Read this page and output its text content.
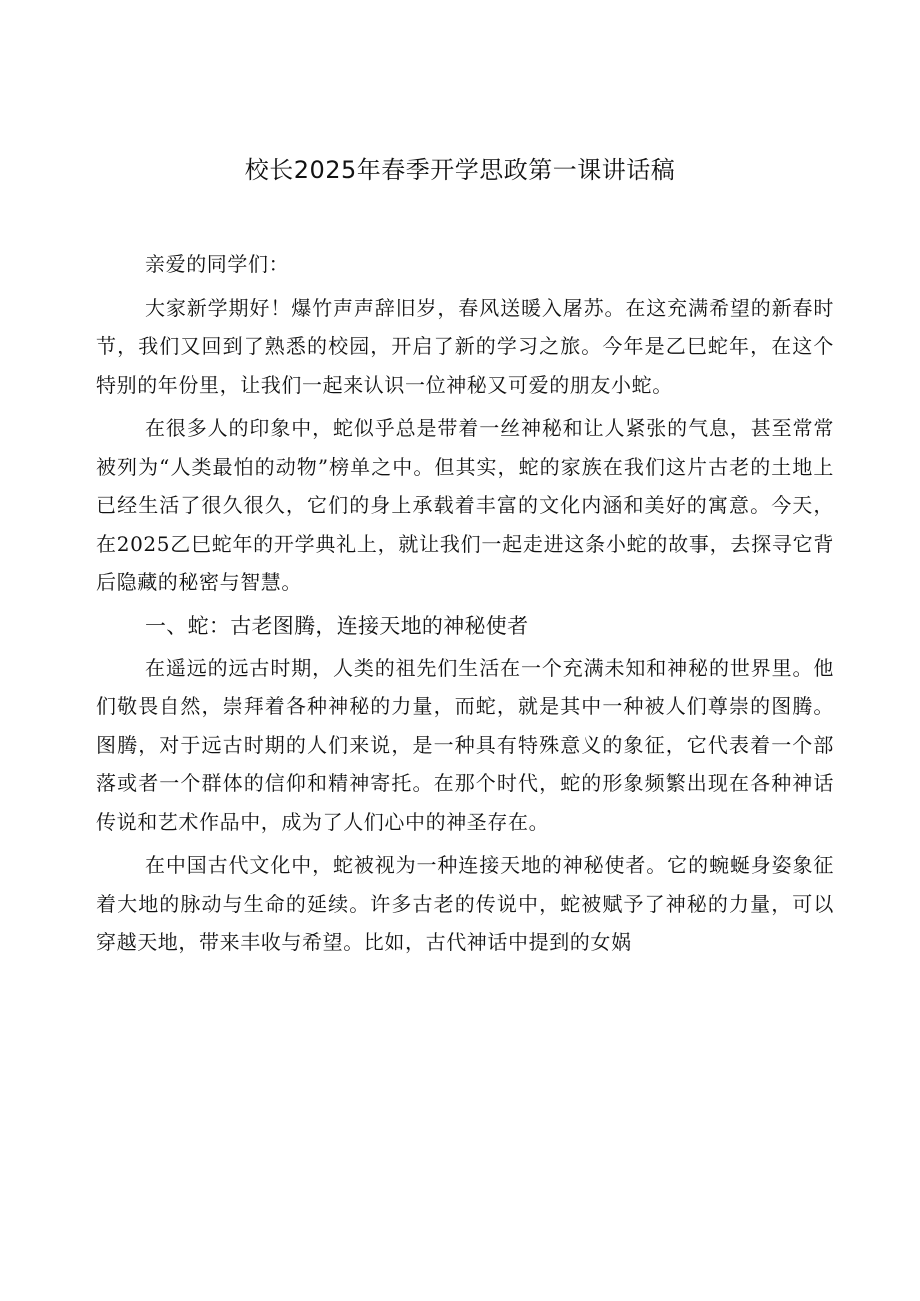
校长2025年春季开学思政第一课讲话稿

亲爱的同学们：

大家新学期好！爆竹声声辞旧岁，春风送暖入屠苏。在这充满希望的新春时节，我们又回到了熟悉的校园，开启了新的学习之旅。今年是乙巳蛇年，在这个特别的年份里，让我们一起来认识一位神秘又可爱的朋友小蛇。

在很多人的印象中，蛇似乎总是带着一丝神秘和让人紧张的气息，甚至常常被列为“人类最怕的动物”榜单之中。但其实，蛇的家族在我们这片古老的土地上已经生活了很久很久，它们的身上承载着丰富的文化内涵和美好的寓意。今天，在2025乙巳蛇年的开学典礼上，就让我们一起走进这条小蛇的故事，去探寻它背后隐藏的秘密与智慧。

一、蛇：古老图腾，连接天地的神秘使者

在遥远的远古时期，人类的祖先们生活在一个充满未知和神秘的世界里。他们敬畏自然，崇拜着各种神秘的力量，而蛇，就是其中一种被人们尊崇的图腾。图腾，对于远古时期的人们来说，是一种具有特殊意义的象征，它代表着一个部落或者一个群体的信仰和精神寄托。在那个时代，蛇的形象频繁出现在各种神话传说和艺术作品中，成为了人们心中的神圣存在。

在中国古代文化中，蛇被视为一种连接天地的神秘使者。它的蜿蜒身姿象征着大地的脉动与生命的延续。许多古老的传说中，蛇被赋予了神秘的力量，可以穿越天地，带来丰收与希望。比如，古代神话中提到的女娲
